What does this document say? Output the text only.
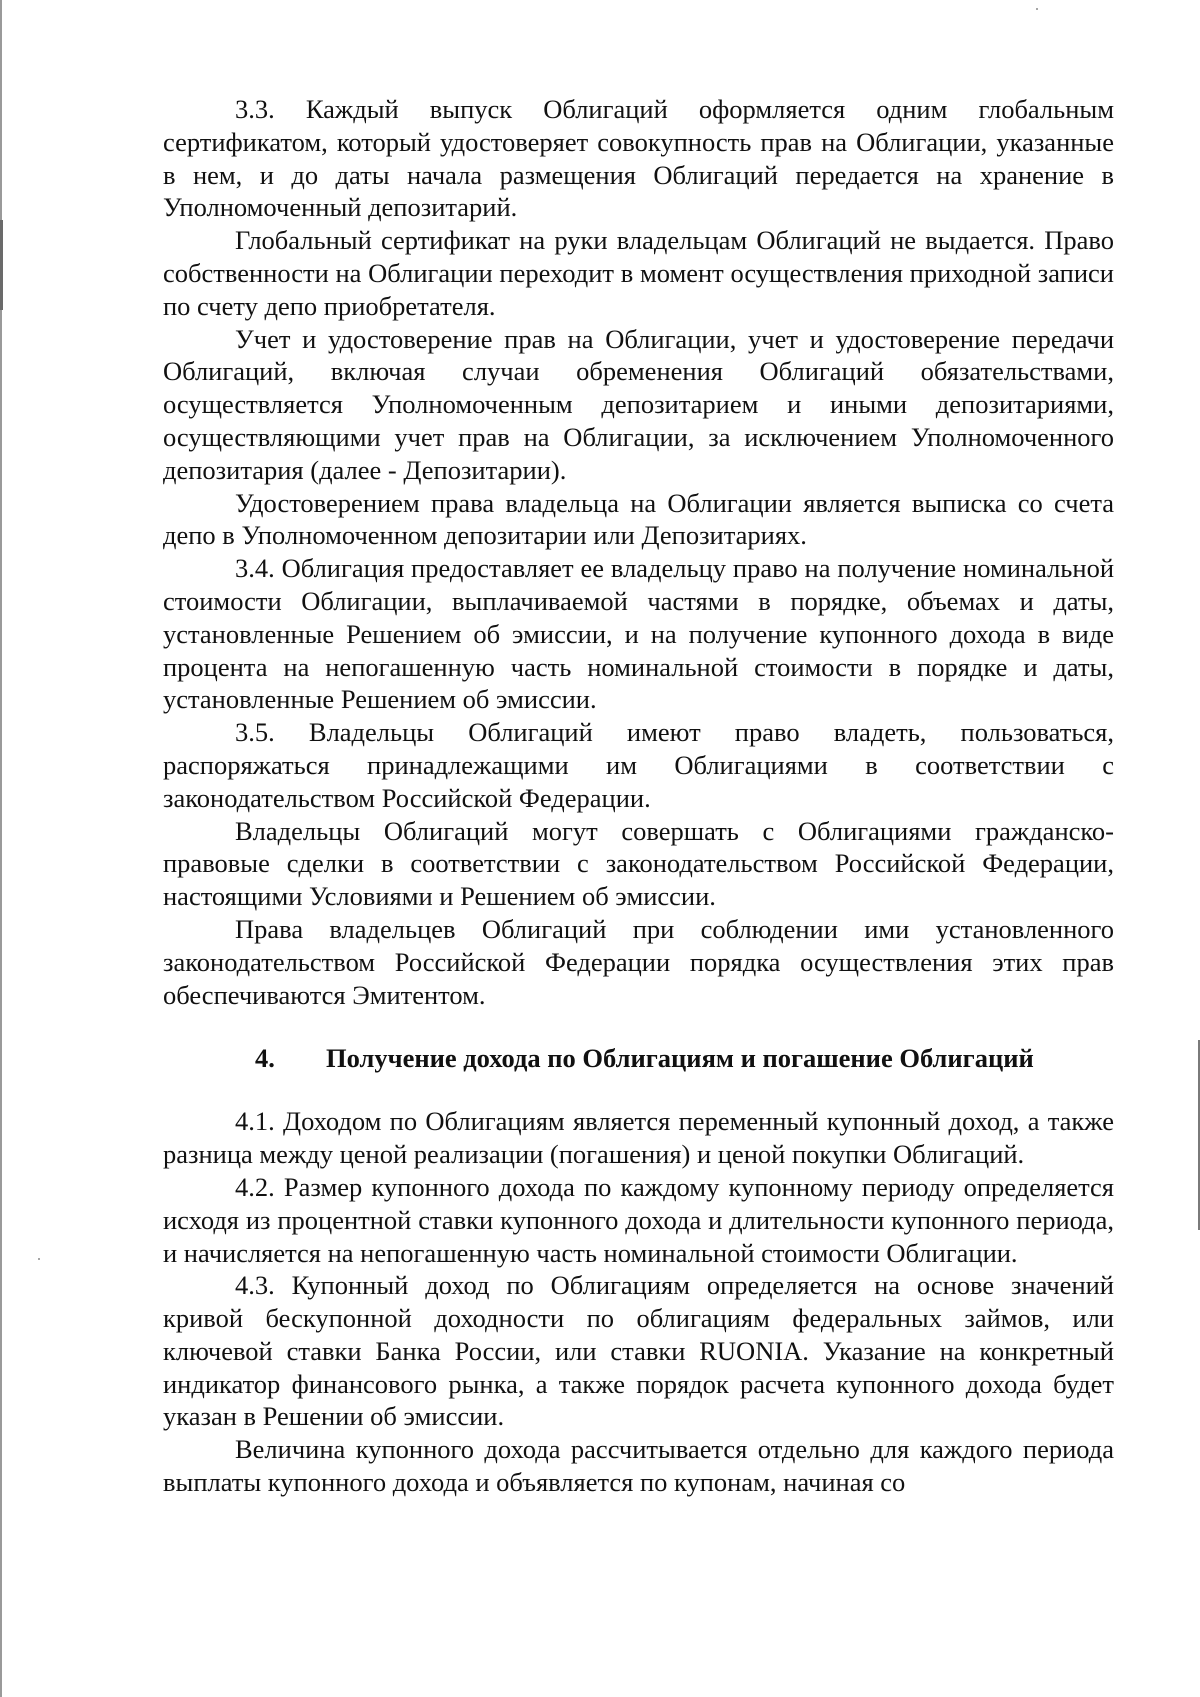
3.3. Каждый выпуск Облигаций оформляется одним глобальным сертификатом, который удостоверяет совокупность прав на Облигации, указанные в нем, и до даты начала размещения Облигаций передается на хранение в Уполномоченный депозитарий.

Глобальный сертификат на руки владельцам Облигаций не выдается. Право собственности на Облигации переходит в момент осуществления приходной записи по счету депо приобретателя.

Учет и удостоверение прав на Облигации, учет и удостоверение передачи Облигаций, включая случаи обременения Облигаций обязательствами, осуществляется Уполномоченным депозитарием и иными депозитариями, осуществляющими учет прав на Облигации, за исключением Уполномоченного депозитария (далее - Депозитарии).

Удостоверением права владельца на Облигации является выписка со счета депо в Уполномоченном депозитарии или Депозитариях.

3.4. Облигация предоставляет ее владельцу право на получение номинальной стоимости Облигации, выплачиваемой частями в порядке, объемах и даты, установленные Решением об эмиссии, и на получение купонного дохода в виде процента на непогашенную часть номинальной стоимости в порядке и даты, установленные Решением об эмиссии.

3.5. Владельцы Облигаций имеют право владеть, пользоваться, распоряжаться принадлежащими им Облигациями в соответствии с законодательством Российской Федерации.

Владельцы Облигаций могут совершать с Облигациями гражданско-правовые сделки в соответствии с законодательством Российской Федерации, настоящими Условиями и Решением об эмиссии.

Права владельцев Облигаций при соблюдении ими установленного законодательством Российской Федерации порядка осуществления этих прав обеспечиваются Эмитентом.

4. Получение дохода по Облигациям и погашение Облигаций

4.1. Доходом по Облигациям является переменный купонный доход, а также разница между ценой реализации (погашения) и ценой покупки Облигаций.

4.2. Размер купонного дохода по каждому купонному периоду определяется исходя из процентной ставки купонного дохода и длительности купонного периода, и начисляется на непогашенную часть номинальной стоимости Облигации.

4.3. Купонный доход по Облигациям определяется на основе значений кривой бескупонной доходности по облигациям федеральных займов, или ключевой ставки Банка России, или ставки RUONIA. Указание на конкретный индикатор финансового рынка, а также порядок расчета купонного дохода будет указан в Решении об эмиссии.

Величина купонного дохода рассчитывается отдельно для каждого периода выплаты купонного дохода и объявляется по купонам, начиная со
